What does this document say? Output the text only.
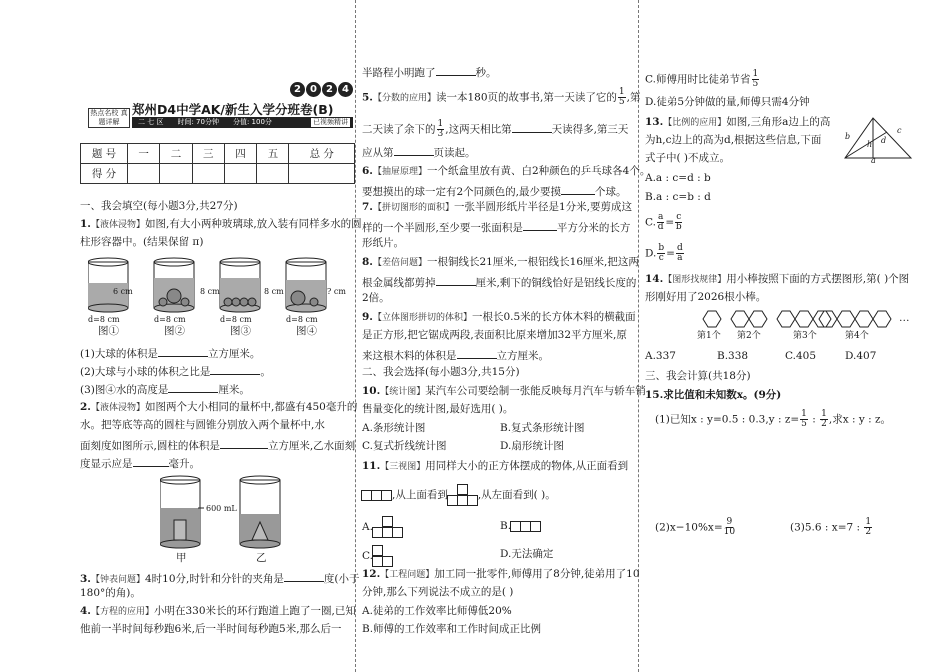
2 0 2 4
热点名校 真题详解
郑州D4中学AK/新生入学分班卷(B)
二 七 区 时间: 70分钟 分值: 100分	已视频精讲
题 号	一	二	三	四	五	总 分
得 分						
一、我会填空(每小题3分,共27分)
1.【液体浸物】如图,有大小两种玻璃球,放入装有同样多水的圆
柱形容器中。(结果保留 π)
6 cm	8 cm	8 cm	? cm
d=8 cm	d=8 cm	d=8 cm	d=8 cm
图①	图②	图③	图④
(1)大球的体积是	立方厘米。
(2)大球与小球的体积之比是	。
(3)图④水的高度是	厘米。
2.【液体浸物】如图两个大小相同的量杯中,都盛有450毫升的
水。把等底等高的圆柱与圆锥分别放入两个量杯中,水
面刻度如图所示,圆柱的体积是	立方厘米,乙水面刻
度显示应是	毫升。
600 mL
甲	乙
3.【钟表问题】4时10分,时针和分针的夹角是	度(小于
180°的角)。
4.【方程的应用】小明在330米长的环行跑道上跑了一圈,已知
他前一半时间每秒跑6米,后一半时间每秒跑5米,那么后一
半路程小明跑了	秒。
5.【分数的应用】读一本180页的故事书,第一天读了它的 $\frac{1}{5}$ ,第
二天读了余下的 $\frac{1}{3}$ ,这两天相比第	天读得多,第三天
应从第	页读起。
6.【抽屉原理】一个纸盒里放有黄、白2种颜色的乒乓球各4个。
要想摸出的球一定有2个同颜色的,最少要摸	个球。
7.【拼切图形的面积】一张半圆形纸片半径是1分米,要剪成这
样的一个半圆形,至少要一张面积是	平方分米的长方
形纸片。
8.【差倍问题】一根铜线长21厘米,一根铝线长16厘米,把这两
根金属线都剪掉	厘米,剩下的铜线恰好是铝线长度的
2倍。
9.【立体图形拼切的体积】一根长0.5米的长方体木料的横截面
是正方形,把它锯成两段,表面积比原来增加32平方厘米,原
来这根木料的体积是	立方厘米。
二、我会选择(每小题3分,共15分)
10.【统计图】某汽车公司要绘制一张能反映每月汽车与轿车销
售量变化的统计图,最好选用( )。
A.条形统计图	B.复式条形统计图
C.复式折线统计图	D.扇形统计图
11.【三视图】用同样大小的正方体摆成的物体,从正面看到
,从上面看到	,从左面看到( )。
A.	B.
C.	D.无法确定
12.【工程问题】加工同一批零件,师傅用了8分钟,徒弟用了10
分钟,那么下列说法不成立的是( )
A.徒弟的工作效率比师傅低20%
B.师傅的工作效率和工作时间成正比例
C.师傅用时比徒弟节省 $\frac{1}{5}$
D.徒弟5分钟做的量,师傅只需4分钟
13.【比例的应用】如图,三角形a边上的高
为h,c边上的高为d,根据这些信息,下面
式子中( )不成立。
b
h	d
c
a
A.a : c=d : b
B.a : c=b : d
C. $\frac{a}{d} = \frac{c}{b}$
D. $\frac{b}{c} = \frac{d}{a}$
14.【图形找规律】用小棒按照下面的方式摆图形,第( )个图
形刚好用了2026根小棒。
第1个	第2个	第3个	第4个
…
A.337	B.338	C.405	D.407
三、我会计算(共18分)
15.求比值和未知数x。(9分)
(1)已知x : y=0.5 : 0.3,y : $z= \frac{1}{5}$ : $\frac{1}{2}$ ,求x : y : z。
$(2)x-10\%x= \frac{9}{10}$	(3)5.6 : x=7 : $\frac{1}{2}$
